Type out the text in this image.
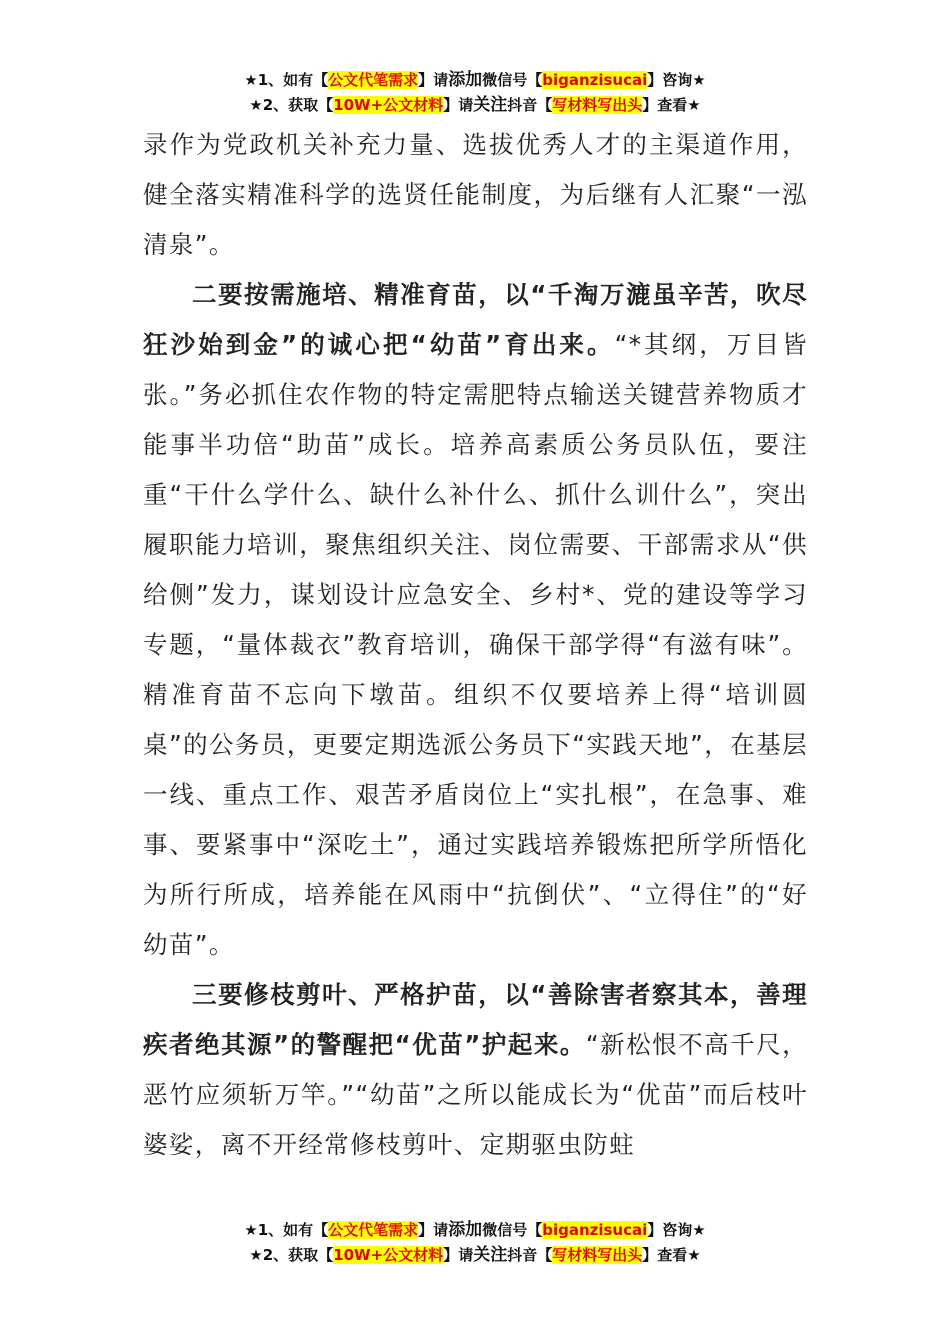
★1、如有【公文代笔需求】请添加微信号【biganzisucai】咨询★
★2、获取【10W+公文材料】请关注抖音【写材料写出头】查看★

录作为党政机关补充力量、选拔优秀人才的主渠道作用，健全落实精准科学的选贤任能制度，为后继有人汇聚“一泓清泉”。

二要按需施培、精准育苗，以“千淘万漉虽辛苦，吹尽狂沙始到金”的诚心把“幼苗”育出来。“*其纲，万目皆张。”务必抓住农作物的特定需肥特点输送关键营养物质才能事半功倍“助苗”成长。培养高素质公务员队伍，要注重“干什么学什么、缺什么补什么、抓什么训什么”，突出履职能力培训，聚焦组织关注、岗位需要、干部需求从“供给侧”发力，谋划设计应急安全、乡村*、党的建设等学习专题，“量体裁衣”教育培训，确保干部学得“有滋有味”。精准育苗不忘向下墩苗。组织不仅要培养上得“培训圆桌”的公务员，更要定期选派公务员下“实践天地”，在基层一线、重点工作、艰苦矛盾岗位上“实扎根”，在急事、难事、要紧事中“深吃土”，通过实践培养锻炼把所学所悟化为所行所成，培养能在风雨中“抗倒伏”、“立得住”的“好幼苗”。

三要修枝剪叶、严格护苗，以“善除害者察其本，善理疾者绝其源”的警醒把“优苗”护起来。“新松恨不高千尺，恶竹应须斩万竿。”“幼苗”之所以能成长为“优苗”而后枝叶婆娑，离不开经常修枝剪叶、定期驱虫防蛀

★1、如有【公文代笔需求】请添加微信号【biganzisucai】咨询★
★2、获取【10W+公文材料】请关注抖音【写材料写出头】查看★
